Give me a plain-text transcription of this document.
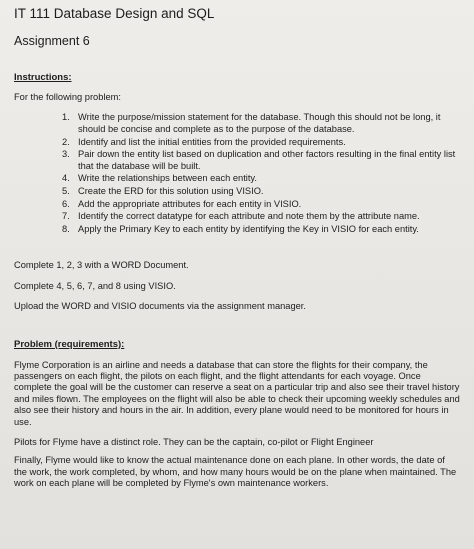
IT 111 Database Design and SQL
Assignment 6

Instructions:

For the following problem:

1. Write the purpose/mission statement for the database. Though this should not be long, it should be concise and complete as to the purpose of the database.
2. Identify and list the initial entities from the provided requirements.
3. Pair down the entity list based on duplication and other factors resulting in the final entity list that the database will be built.
4. Write the relationships between each entity.
5. Create the ERD for this solution using VISIO.
6. Add the appropriate attributes for each entity in VISIO.
7. Identify the correct datatype for each attribute and note them by the attribute name.
8. Apply the Primary Key to each entity by identifying the Key in VISIO for each entity.

Complete 1, 2, 3 with a WORD Document.

Complete 4, 5, 6, 7, and 8 using VISIO.

Upload the WORD and VISIO documents via the assignment manager.

Problem (requirements):

Flyme Corporation is an airline and needs a database that can store the flights for their company, the passengers on each flight, the pilots on each flight, and the flight attendants for each voyage. Once complete the goal will be the customer can reserve a seat on a particular trip and also see their travel history and miles flown. The employees on the flight will also be able to check their upcoming weekly schedules and also see their history and hours in the air. In addition, every plane would need to be monitored for hours in use.

Pilots for Flyme have a distinct role. They can be the captain, co-pilot or Flight Engineer

Finally, Flyme would like to know the actual maintenance done on each plane. In other words, the date of the work, the work completed, by whom, and how many hours would be on the plane when maintained. The work on each plane will be completed by Flyme's own maintenance workers.
